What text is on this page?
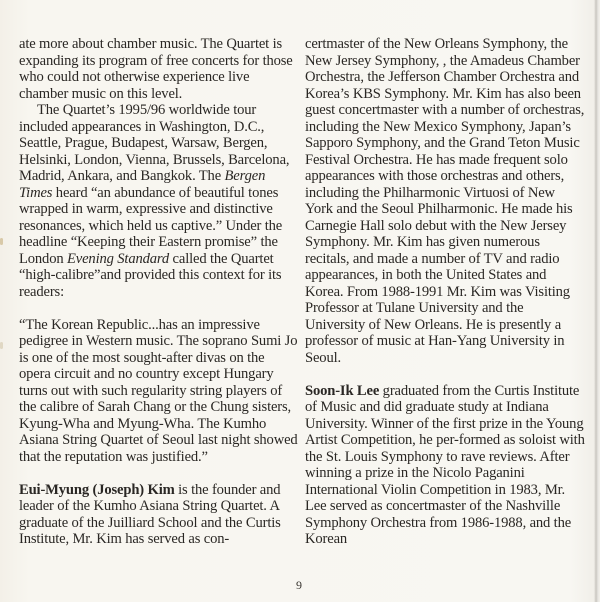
ate more about chamber music. The Quartet is expanding its program of free concerts for those who could not otherwise experience live chamber music on this level.

The Quartet’s 1995/96 worldwide tour included appearances in Washington, D.C., Seattle, Prague, Budapest, Warsaw, Bergen, Helsinki, London, Vienna, Brussels, Barcelona, Madrid, Ankara, and Bangkok. The Bergen Times heard “an abundance of beautiful tones wrapped in warm, expressive and distinctive resonances, which held us captive.” Under the headline “Keeping their Eastern promise” the London Evening Standard called the Quartet “high-calibre”and provided this context for its readers:

“The Korean Republic...has an impressive pedigree in Western music. The soprano Sumi Jo is one of the most sought-after divas on the opera circuit and no country except Hungary turns out with such regularity string players of the calibre of Sarah Chang or the Chung sisters, Kyung-Wha and Myung-Wha. The Kumho Asiana String Quartet of Seoul last night showed that the reputation was justified.”

Eui-Myung (Joseph) Kim is the founder and leader of the Kumho Asiana String Quartet. A graduate of the Juilliard School and the Curtis Institute, Mr. Kim has served as con-

certmaster of the New Orleans Symphony, the New Jersey Symphony, , the Amadeus Chamber Orchestra, the Jefferson Chamber Orchestra and Korea’s KBS Symphony. Mr. Kim has also been guest concertmaster with a number of orchestras, including the New Mexico Symphony, Japan’s Sapporo Symphony, and the Grand Teton Music Festival Orchestra. He has made frequent solo appearances with those orchestras and others, including the Philharmonic Virtuosi of New York and the Seoul Philharmonic. He made his Carnegie Hall solo debut with the New Jersey Symphony. Mr. Kim has given numerous recitals, and made a number of TV and radio appearances, in both the United States and Korea. From 1988-1991 Mr. Kim was Visiting Professor at Tulane University and the University of New Orleans. He is presently a professor of music at Han-Yang University in Seoul.

Soon-Ik Lee graduated from the Curtis Institute of Music and did graduate study at Indiana University. Winner of the first prize in the Young Artist Competition, he per-formed as soloist with the St. Louis Symphony to rave reviews. After winning a prize in the Nicolo Paganini International Violin Competition in 1983, Mr. Lee served as concertmaster of the Nashville Symphony Orchestra from 1986-1988, and the Korean

9
